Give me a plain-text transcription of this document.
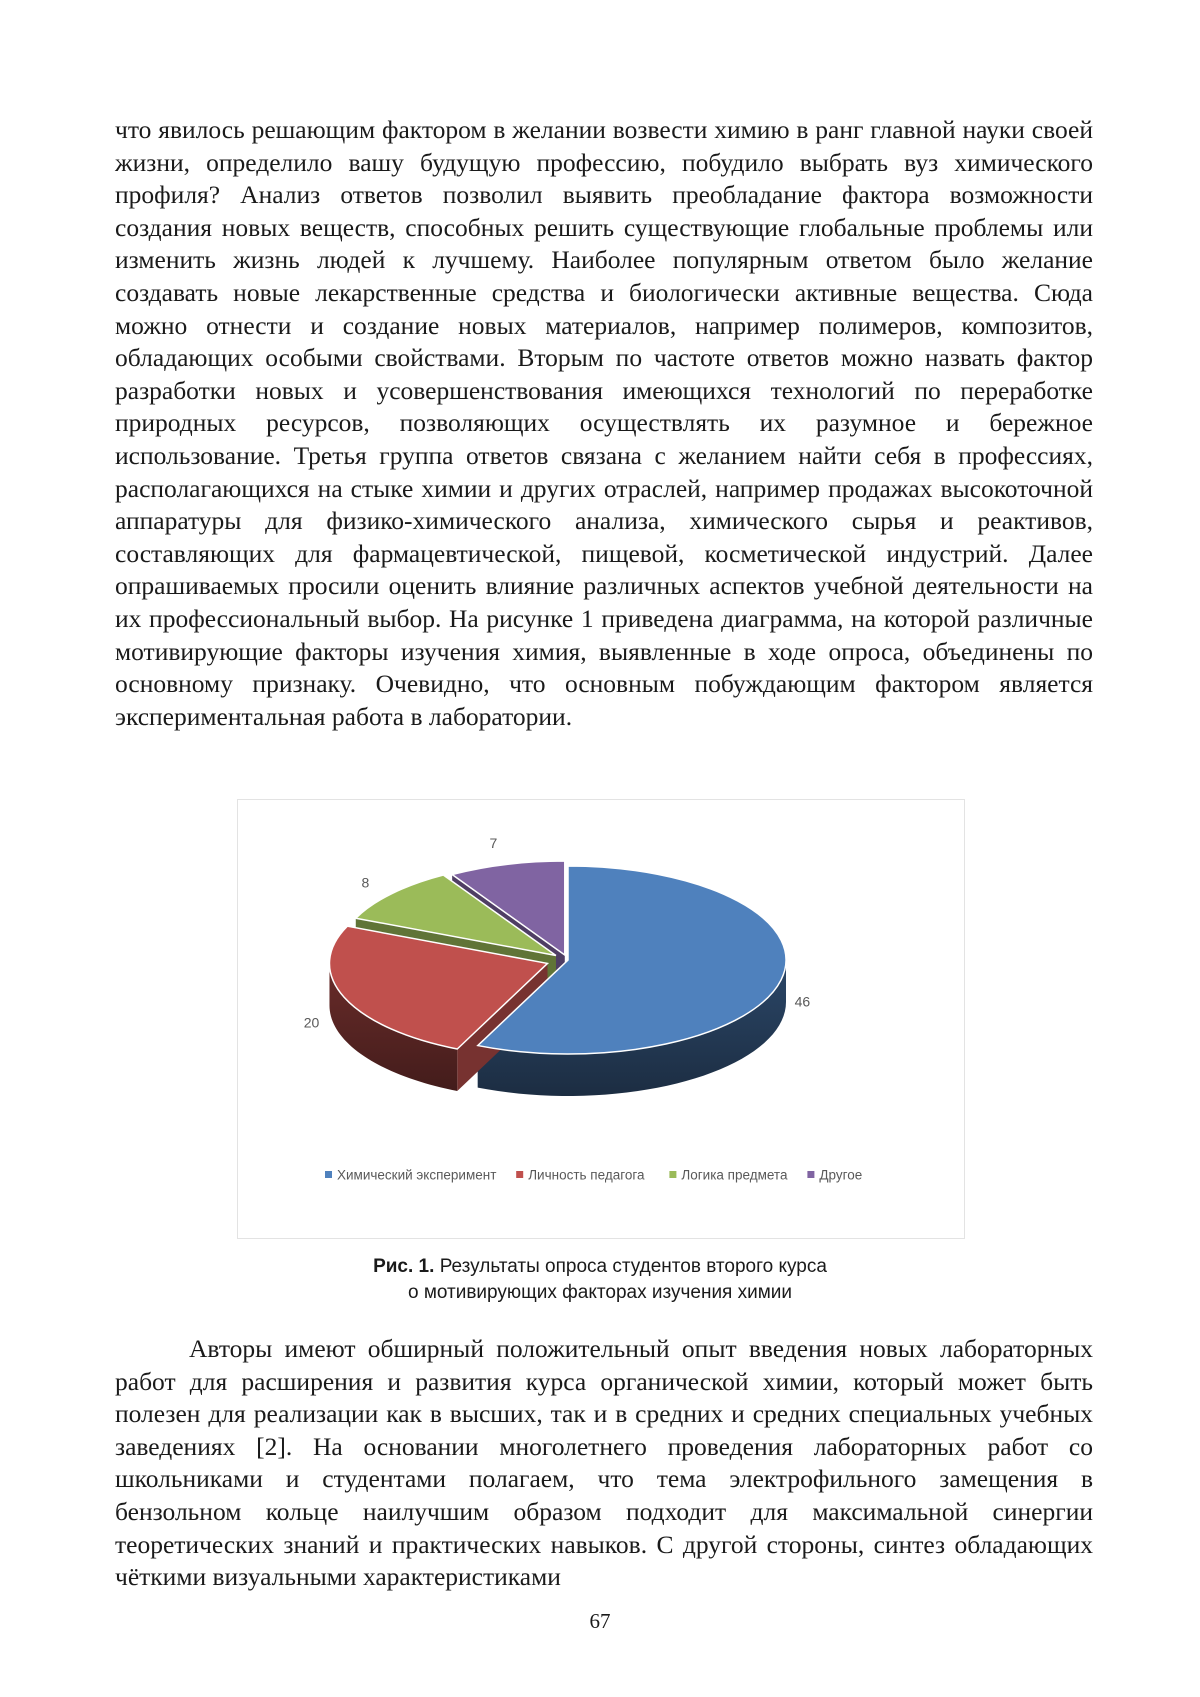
что явилось решающим фактором в желании возвести химию в ранг главной науки своей жизни, определило вашу будущую профессию, побудило выбрать вуз химического профиля? Анализ ответов позволил выявить преобладание фактора возможности создания новых веществ, способных решить существующие глобальные проблемы или изменить жизнь людей к лучшему. Наиболее популярным ответом было желание создавать новые лекарственные средства и биологически активные вещества. Сюда можно отнести и создание новых материалов, например полимеров, композитов, обладающих особыми свойствами. Вторым по частоте ответов можно назвать фактор разработки новых и усовершенствования имеющихся технологий по переработке природных ресурсов, позволяющих осуществлять их разумное и бережное использование. Третья группа ответов связана с желанием найти себя в профессиях, располагающихся на стыке химии и других отраслей, например продажах высокоточной аппаратуры для физико-химического анализа, химического сырья и реактивов, составляющих для фармацевтической, пищевой, косметической индустрий. Далее опрашиваемых просили оценить влияние различных аспектов учебной деятельности на их профессиональный выбор. На рисунке 1 приведена диаграмма, на которой различные мотивирующие факторы изучения химия, выявленные в ходе опроса, объединены по основному признаку. Очевидно, что основным побуждающим фактором является экспериментальная работа в лаборатории.

46
20
8
7
Химический эксперимент Личность педагога	Логика предмета Другое
Рис. 1. Результаты опроса студентов второго курса
о мотивирующих факторах изучения химии

Авторы имеют обширный положительный опыт введения новых лабораторных работ для расширения и развития курса органической химии, который может быть полезен для реализации как в высших, так и в средних и средних специальных учебных заведениях [2]. На основании многолетнего проведения лабораторных работ со школьниками и студентами полагаем, что тема электрофильного замещения в бензольном кольце наилучшим образом подходит для максимальной синергии теоретических знаний и практических навыков. С другой стороны, синтез обладающих чёткими визуальными характеристиками

67
